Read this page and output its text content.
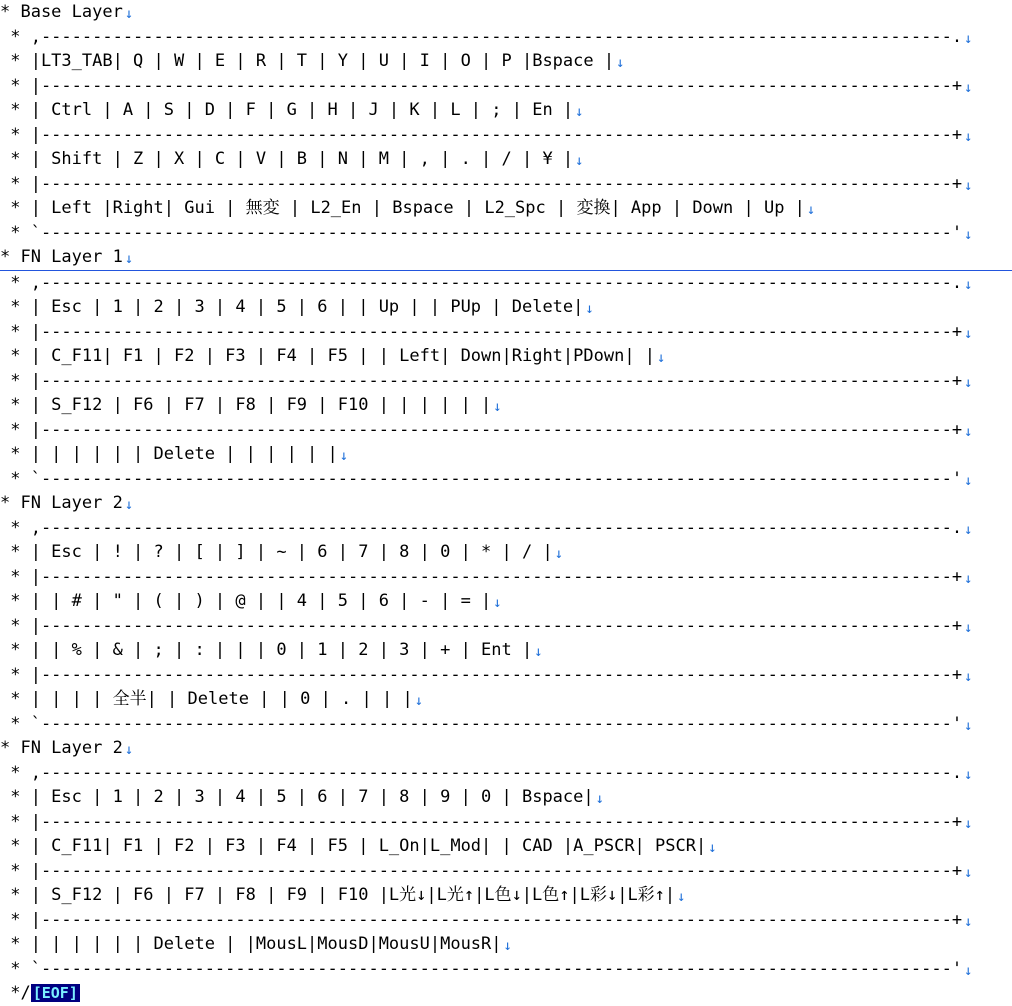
* Base Layer ↓
* ,-----------------------------------------------------------------------------------------. ↓
* |LT3_TAB| Q | W | E | R | T | Y | U | I | O | P |Bspace | ↓
* |-----------------------------------------------------------------------------------------+ ↓
* | Ctrl | A | S | D | F | G | H | J | K | L | ; | En | ↓
* |-----------------------------------------------------------------------------------------+ ↓
* | Shift | Z | X | C | V | B | N | M | , | . | / | ¥ | ↓
* |-----------------------------------------------------------------------------------------+ ↓
* | Left |Right| Gui | 無変 | L2_En | Bspace | L2_Spc | 変換| App | Down | Up | ↓
* `-----------------------------------------------------------------------------------------' ↓
* FN Layer 1 ↓
* ,-----------------------------------------------------------------------------------------. ↓
* | Esc | 1 | 2 | 3 | 4 | 5 | 6 | | Up | | PUp | Delete| ↓
* |-----------------------------------------------------------------------------------------+ ↓
* | C_F11| F1 | F2 | F3 | F4 | F5 | | Left| Down|Right|PDown| | ↓
* |-----------------------------------------------------------------------------------------+ ↓
* | S_F12 | F6 | F7 | F8 | F9 | F10 | | | | | | ↓
* |-----------------------------------------------------------------------------------------+ ↓
* | | | | | | Delete | | | | | | ↓
* `-----------------------------------------------------------------------------------------' ↓
* FN Layer 2 ↓
* ,-----------------------------------------------------------------------------------------. ↓
* | Esc | ! | ? | [ | ] | ~ | 6 | 7 | 8 | 0 | * | / | ↓
* |-----------------------------------------------------------------------------------------+ ↓
* | | # | " | ( | ) | @ | | 4 | 5 | 6 | - | = | ↓
* |-----------------------------------------------------------------------------------------+ ↓
* | | % | & | ; | : | | | 0 | 1 | 2 | 3 | + | Ent | ↓
* |-----------------------------------------------------------------------------------------+ ↓
* | | | | 全半| | Delete | | 0 | . | | | ↓
* `-----------------------------------------------------------------------------------------' ↓
* FN Layer 2 ↓
* ,-----------------------------------------------------------------------------------------. ↓
* | Esc | 1 | 2 | 3 | 4 | 5 | 6 | 7 | 8 | 9 | 0 | Bspace| ↓
* |-----------------------------------------------------------------------------------------+ ↓
* | C_F11| F1 | F2 | F3 | F4 | F5 | L_On|L_Mod| | CAD |A_PSCR| PSCR| ↓
* |-----------------------------------------------------------------------------------------+ ↓
* | S_F12 | F6 | F7 | F8 | F9 | F10 |L光↓|L光↑|L色↓|L色↑|L彩↓|L彩↑| ↓
* |-----------------------------------------------------------------------------------------+ ↓
* | | | | | | Delete | |MousL|MousD|MousU|MousR| ↓
* `-----------------------------------------------------------------------------------------' ↓
*/ [EOF]
